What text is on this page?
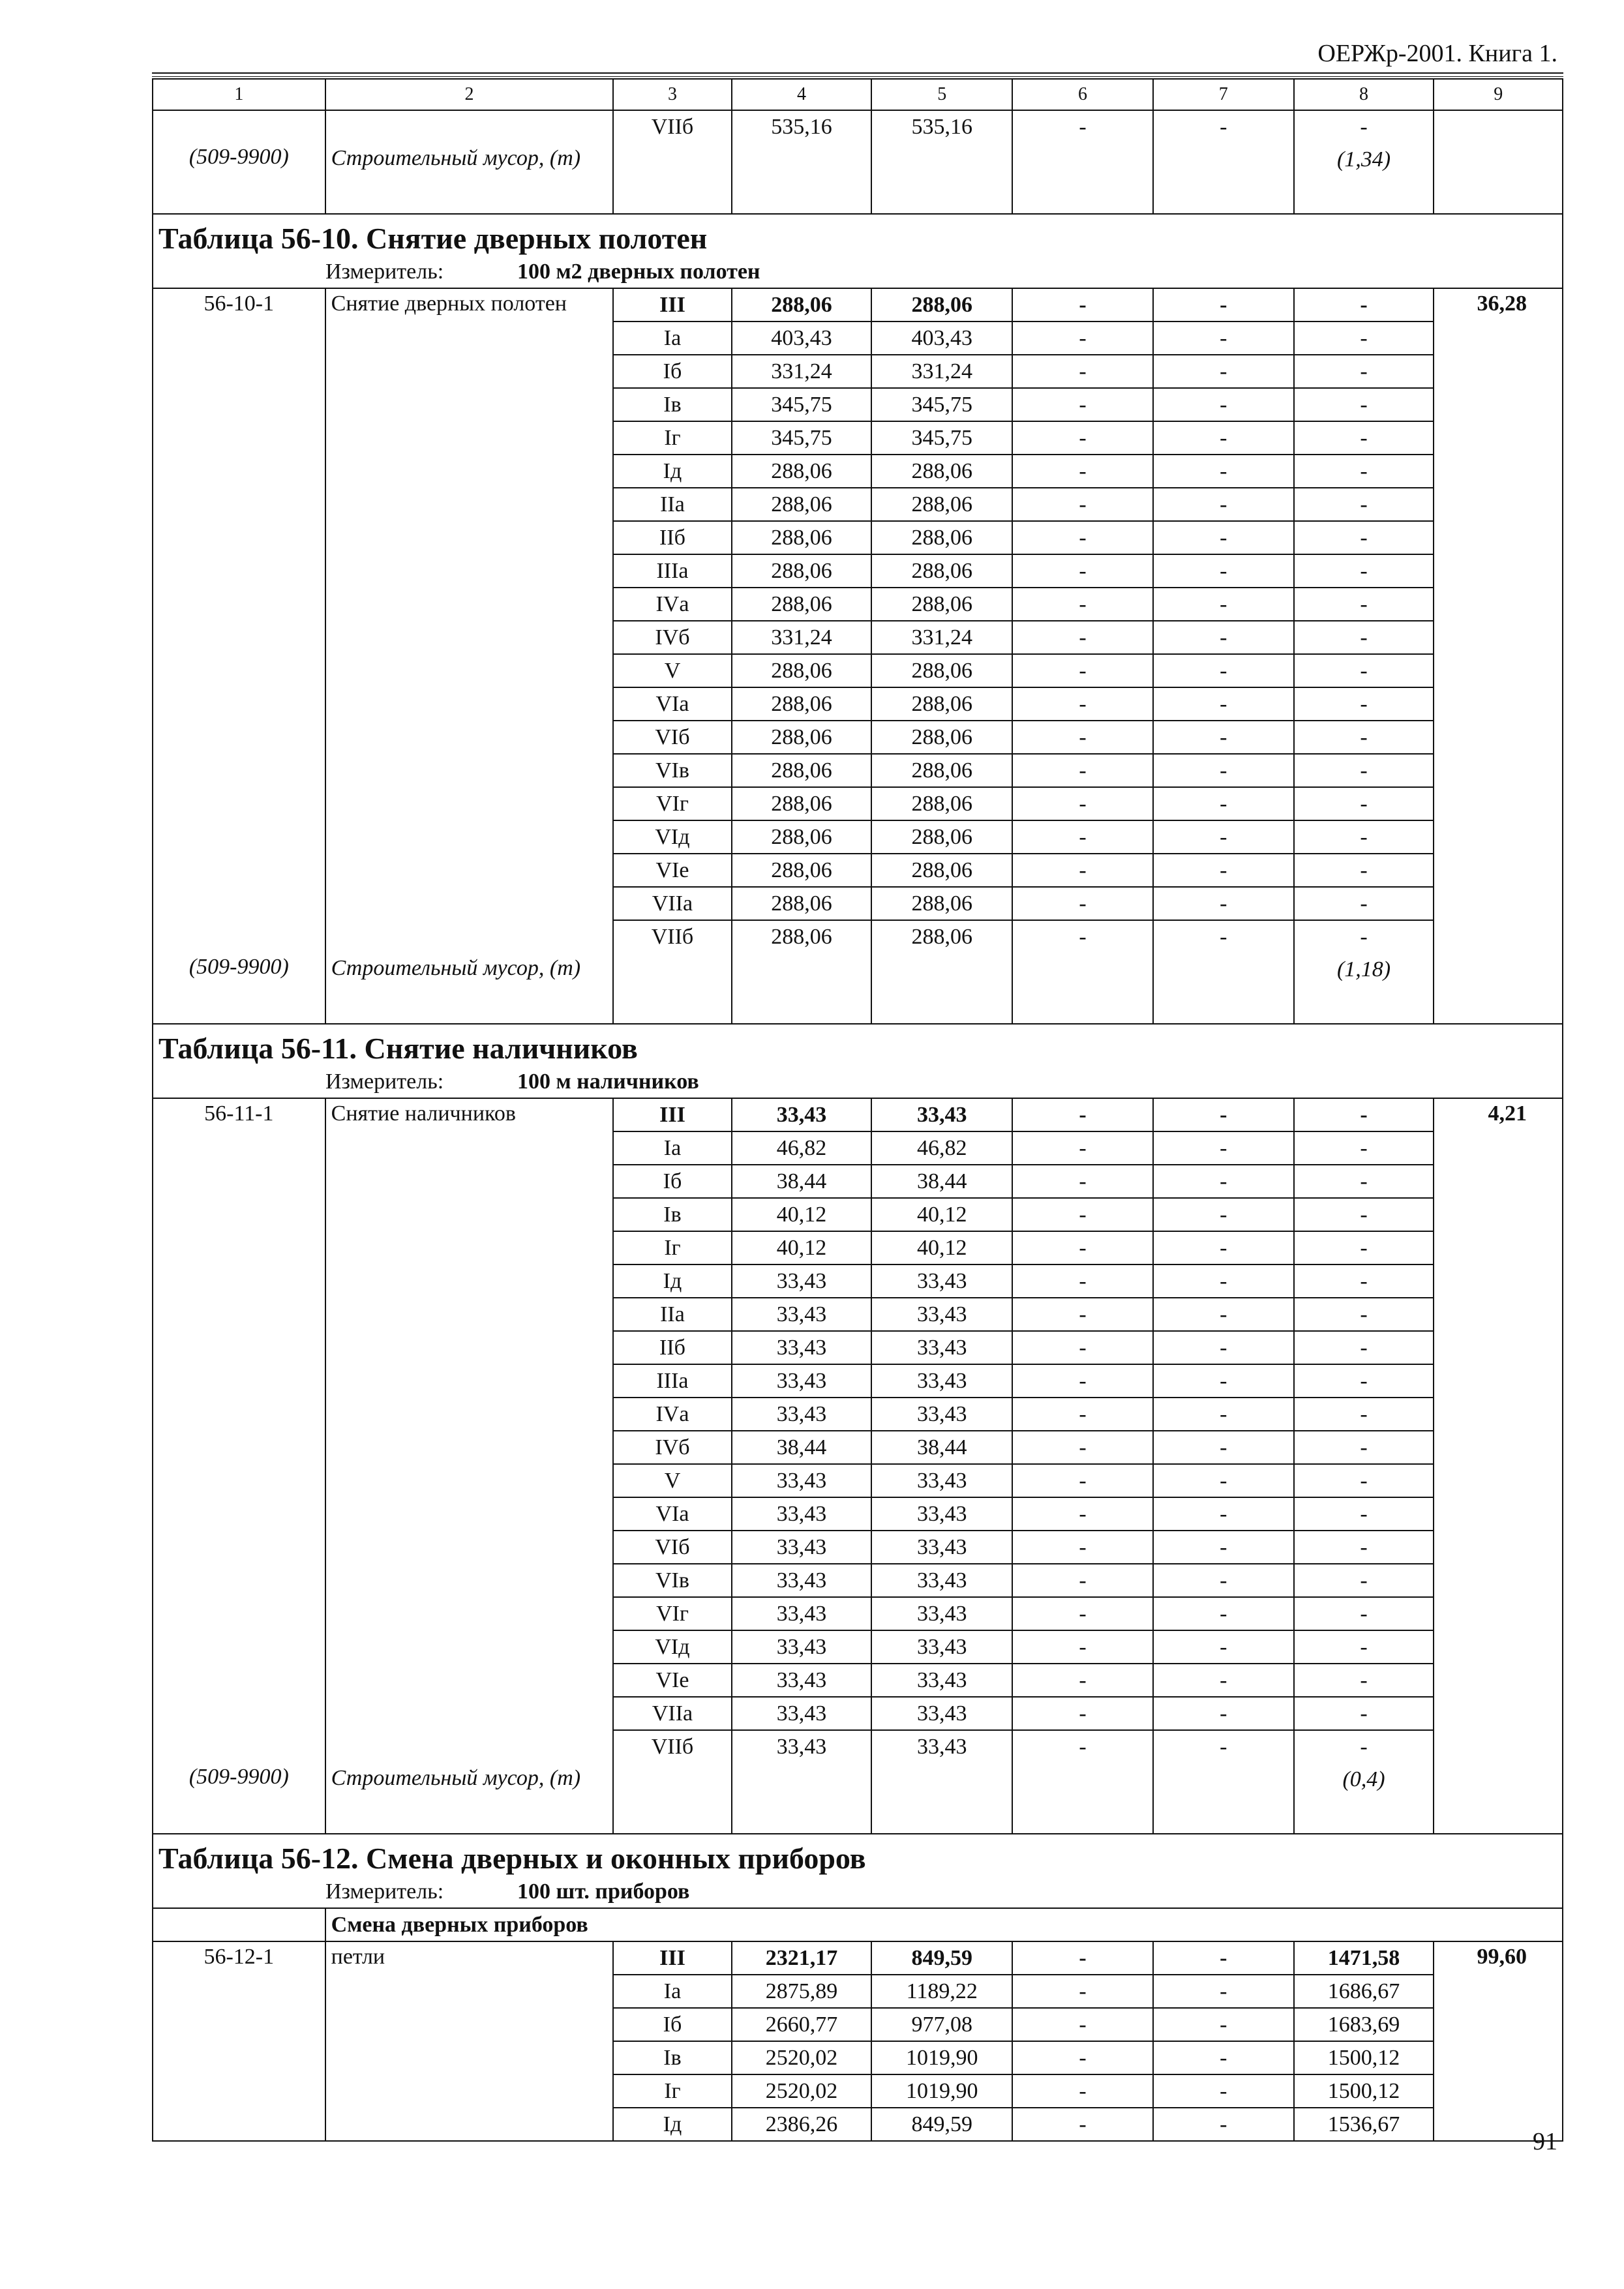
ОЕРЖр-2001. Книга 1.
1	2	3	4	5	6	7	8	9
		VIIб	535,16	535,16	-	-	-	
(509-9900)	Строительный мусор, (т)						(1,34)	

Таблица 56-10. Снятие дверных полотен								
Измеритель: 100 м2 дверных полотен								
56-10-1	Снятие дверных полотен	III	288,06	288,06	-	-	-	36,28
		Iа	403,43	403,43	-	-	-	
		Iб	331,24	331,24	-	-	-	
		Iв	345,75	345,75	-	-	-	
		Iг	345,75	345,75	-	-	-	
		Iд	288,06	288,06	-	-	-	
		IIа	288,06	288,06	-	-	-	
		IIб	288,06	288,06	-	-	-	
		IIIа	288,06	288,06	-	-	-	
		IVа	288,06	288,06	-	-	-	
		IVб	331,24	331,24	-	-	-	
		V	288,06	288,06	-	-	-	
		VIа	288,06	288,06	-	-	-	
		VIб	288,06	288,06	-	-	-	
		VIв	288,06	288,06	-	-	-	
		VIг	288,06	288,06	-	-	-	
		VIд	288,06	288,06	-	-	-	
		VIе	288,06	288,06	-	-	-	
		VIIа	288,06	288,06	-	-	-	
		VIIб	288,06	288,06	-	-	-	
(509-9900)	Строительный мусор, (т)						(1,18)	

Таблица 56-11. Снятие наличников								
Измеритель: 100 м наличников								
56-11-1	Снятие наличников	III	33,43	33,43	-	-	-	4,21
		Iа	46,82	46,82	-	-	-	
		Iб	38,44	38,44	-	-	-	
		Iв	40,12	40,12	-	-	-	
		Iг	40,12	40,12	-	-	-	
		Iд	33,43	33,43	-	-	-	
		IIа	33,43	33,43	-	-	-	
		IIб	33,43	33,43	-	-	-	
		IIIа	33,43	33,43	-	-	-	
		IVа	33,43	33,43	-	-	-	
		IVб	38,44	38,44	-	-	-	
		V	33,43	33,43	-	-	-	
		VIа	33,43	33,43	-	-	-	
		VIб	33,43	33,43	-	-	-	
		VIв	33,43	33,43	-	-	-	
		VIг	33,43	33,43	-	-	-	
		VIд	33,43	33,43	-	-	-	
		VIе	33,43	33,43	-	-	-	
		VIIа	33,43	33,43	-	-	-	
		VIIб	33,43	33,43	-	-	-	
(509-9900)	Строительный мусор, (т)						(0,4)	

Таблица 56-12. Смена дверных и оконных приборов								
Измеритель: 100 шт. приборов								
	Смена дверных приборов							
56-12-1	петли	III	2321,17	849,59	-	-	1471,58	99,60
		Iа	2875,89	1189,22	-	-	1686,67	
		Iб	2660,77	977,08	-	-	1683,69	
		Iв	2520,02	1019,90	-	-	1500,12	
		Iг	2520,02	1019,90	-	-	1500,12	
		Iд	2386,26	849,59	-	-	1536,67	
91
